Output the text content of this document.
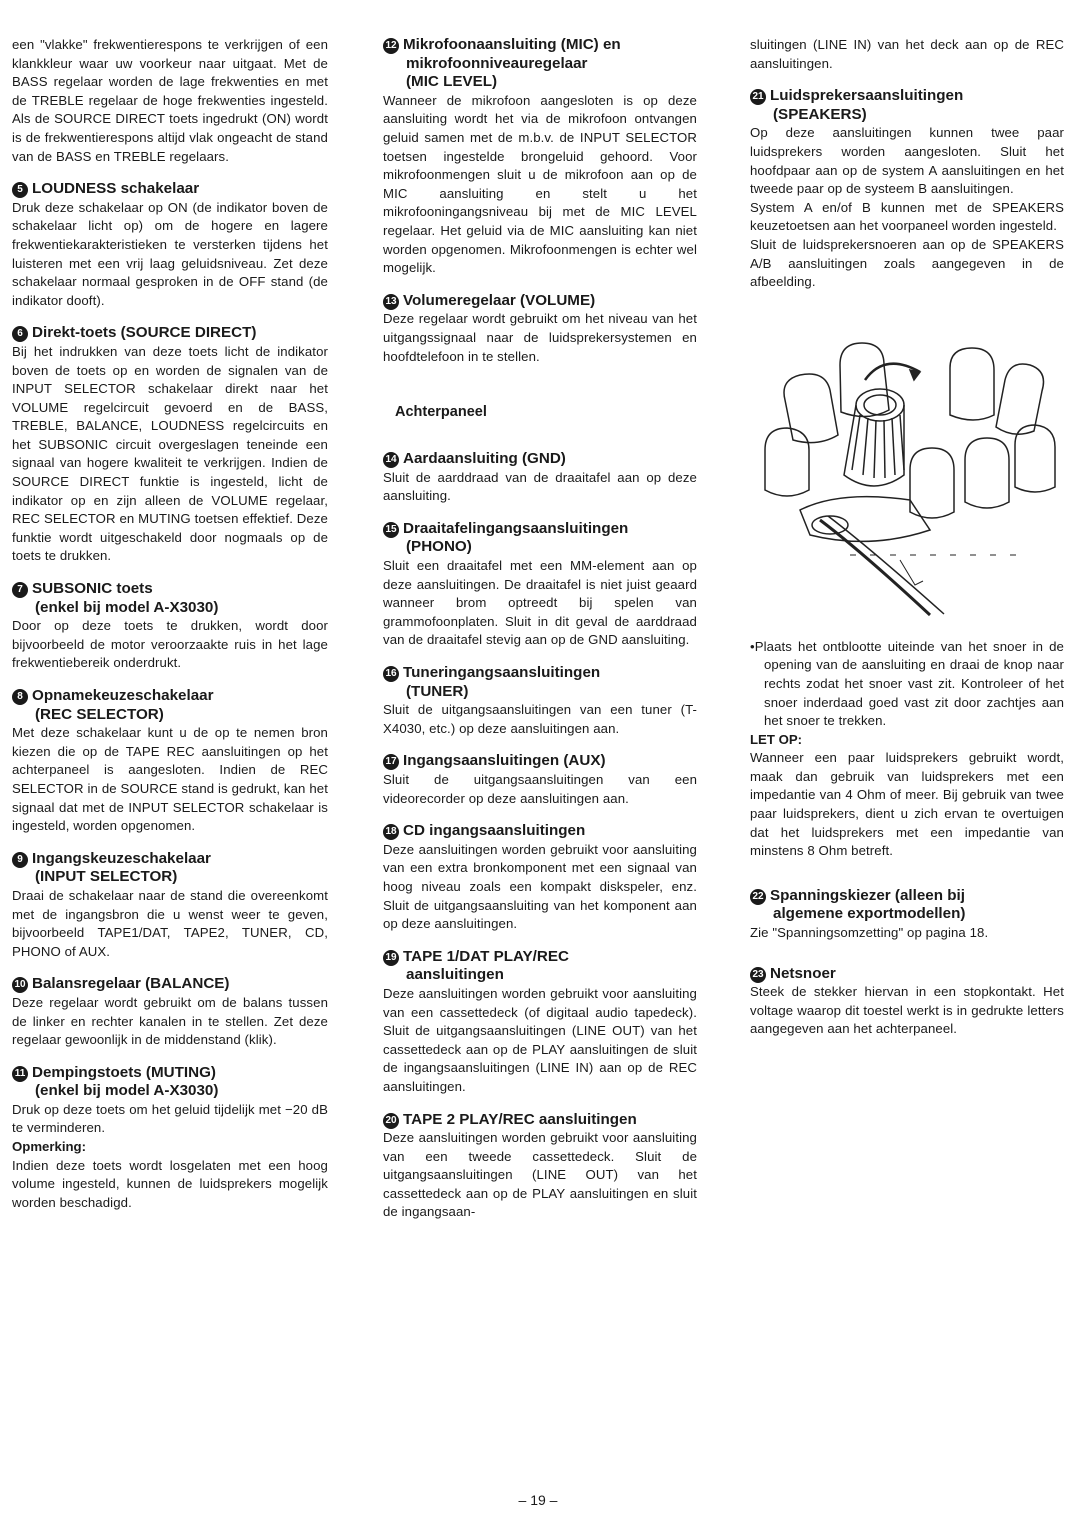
een "vlakke" frekwentierespons te verkrijgen of een klankkleur waar uw voorkeur naar uitgaat. Met de BASS regelaar worden de lage frekwenties en met de TREBLE regelaar de hoge frekwenties ingesteld. Als de SOURCE DIRECT toets ingedrukt (ON) wordt is de frekwentierespons altijd vlak ongeacht de stand van de BASS en TREBLE regelaars.

5 LOUDNESS schakelaar

Druk deze schakelaar op ON (de indikator boven de schakelaar licht op) om de hogere en lagere frekwentiekarakteristieken te versterken tijdens het luisteren met een vrij laag geluidsniveau. Zet deze schakelaar normaal gesproken in de OFF stand (de indikator dooft).

6 Direkt-toets (SOURCE DIRECT)

Bij het indrukken van deze toets licht de indikator boven de toets op en worden de signalen van de INPUT SELECTOR schakelaar direkt naar het VOLUME regelcircuit gevoerd en de BASS, TREBLE, BALANCE, LOUDNESS regelcircuits en het SUBSONIC circuit overgeslagen teneinde een signaal van hogere kwaliteit te verkrijgen. Indien de SOURCE DIRECT funktie is ingesteld, licht de indikator op en zijn alleen de VOLUME regelaar, REC SELECTOR en MUTING toetsen effektief. Deze funktie wordt uitgeschakeld door nogmaals op de toets te drukken.

7 SUBSONIC toets
(enkel bij model A-X3030)

Door op deze toets te drukken, wordt door bijvoorbeeld de motor veroorzaakte ruis in het lage frekwentiebereik onderdrukt.

8 Opnamekeuzeschakelaar
(REC SELECTOR)

Met deze schakelaar kunt u de op te nemen bron kiezen die op de TAPE REC aansluitingen op het achterpaneel is aangesloten. Indien de REC SELECTOR in de SOURCE stand is gedrukt, kan het signaal dat met de INPUT SELECTOR schakelaar is ingesteld, worden opgenomen.

9 Ingangskeuzeschakelaar
(INPUT SELECTOR)

Draai de schakelaar naar de stand die overeenkomt met de ingangsbron die u wenst weer te geven, bijvoorbeeld TAPE1/DAT, TAPE2, TUNER, CD, PHONO of AUX.

10 Balansregelaar (BALANCE)

Deze regelaar wordt gebruikt om de balans tussen de linker en rechter kanalen in te stellen. Zet deze regelaar gewoonlijk in de middenstand (klik).

11 Dempingstoets (MUTING)
(enkel bij model A-X3030)

Druk op deze toets om het geluid tijdelijk met −20 dB te verminderen.

Opmerking:

Indien deze toets wordt losgelaten met een hoog volume ingesteld, kunnen de luidsprekers mogelijk worden beschadigd.

12 Mikrofoonaansluiting (MIC) en
mikrofoonniveauregelaar
(MIC LEVEL)

Wanneer de mikrofoon aangesloten is op deze aansluiting wordt het via de mikrofoon ontvangen geluid samen met de m.b.v. de INPUT SELECTOR toetsen ingestelde brongeluid gehoord. Voor mikrofoonmengen sluit u de mikrofoon aan op de MIC aansluiting en stelt u het mikrofooningangsniveau bij met de MIC LEVEL regelaar. Het geluid via de MIC aansluiting kan niet worden opgenomen. Mikrofoonmengen is echter wel mogelijk.

13 Volumeregelaar (VOLUME)

Deze regelaar wordt gebruikt om het niveau van het uitgangssignaal naar de luidsprekersystemen en hoofdtelefoon in te stellen.

Achterpaneel
14 Aardaansluiting (GND)

Sluit de aarddraad van de draaitafel aan op deze aansluiting.

15 Draaitafelingangsaansluitingen
(PHONO)

Sluit een draaitafel met een MM-element aan op deze aansluitingen. De draaitafel is niet juist geaard wanneer brom optreedt bij spelen van grammofoonplaten. Sluit in dit geval de aarddraad van de draaitafel stevig aan op de GND aansluiting.

16 Tuneringangsaansluitingen
(TUNER)

Sluit de uitgangsaansluitingen van een tuner (T-X4030, etc.) op deze aansluitingen aan.

17 Ingangsaansluitingen (AUX)

Sluit de uitgangsaansluitingen van een videorecorder op deze aansluitingen aan.

18 CD ingangsaansluitingen

Deze aansluitingen worden gebruikt voor aansluiting van een extra bronkomponent met een signaal van hoog niveau zoals een kompakt diskspeler, enz. Sluit de uitgangsaansluiting van het komponent aan op deze aansluitingen.

19 TAPE 1/DAT PLAY/REC
aansluitingen

Deze aansluitingen worden gebruikt voor aansluiting van een cassettedeck (of digitaal audio tapedeck). Sluit de uitgangsaansluitingen (LINE OUT) van het cassettedeck aan op de PLAY aansluitingen de sluit de ingangsaansluitingen (LINE IN) aan op de REC aansluitingen.

20 TAPE 2 PLAY/REC aansluitingen

Deze aansluitingen worden gebruikt voor aansluiting van een tweede cassettedeck. Sluit de uitgangsaansluitingen (LINE OUT) van het cassettedeck aan op de PLAY aansluitingen en sluit de ingangsaan-

sluitingen (LINE IN) van het deck aan op de REC aansluitingen.

21 Luidsprekersaansluitingen
(SPEAKERS)

Op deze aansluitingen kunnen twee paar luidsprekers worden aangesloten. Sluit het hoofdpaar aan op de system A aansluitingen en het tweede paar op de systeem B aansluitingen.

System A en/of B kunnen met de SPEAKERS keuzetoetsen aan het voorpaneel worden ingesteld.

Sluit de luidsprekersnoeren aan op de SPEAKERS A/B aansluitingen zoals aangegeven in de afbeelding.

•Plaats het ontblootte uiteinde van het snoer in de opening van de aansluiting en draai de knop naar rechts zodat het snoer vast zit. Kontroleer of het snoer inderdaad goed vast zit door zachtjes aan het snoer te trekken.

LET OP:

Wanneer een paar luidsprekers gebruikt wordt, maak dan gebruik van luidsprekers met een impedantie van 4 Ohm of meer. Bij gebruik van twee paar luidsprekers, dient u zich ervan te overtuigen dat het luidsprekers met een impedantie van minstens 8 Ohm betreft.

22 Spanningskiezer (alleen bij
algemene exportmodellen)

Zie "Spanningsomzetting" op pagina 18.

23 Netsnoer

Steek de stekker hiervan in een stopkontakt. Het voltage waarop dit toestel werkt is in gedrukte letters aangegeven aan het achterpaneel.

– 19 –
